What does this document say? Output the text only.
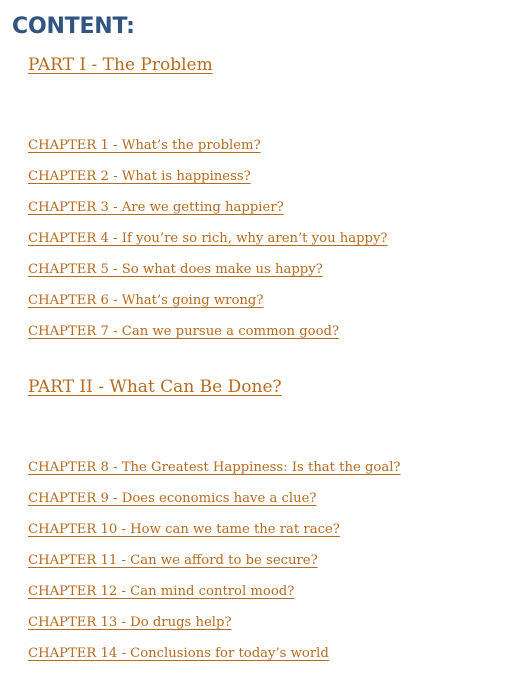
CONTENT:
PART I - The Problem
CHAPTER 1 - What’s the problem?
CHAPTER 2 - What is happiness?
CHAPTER 3 - Are we getting happier?
CHAPTER 4 - If you’re so rich, why aren’t you happy?
CHAPTER 5 - So what does make us happy?
CHAPTER 6 - What’s going wrong?
CHAPTER 7 - Can we pursue a common good?
PART II - What Can Be Done?
CHAPTER 8 - The Greatest Happiness: Is that the goal?
CHAPTER 9 - Does economics have a clue?
CHAPTER 10 - How can we tame the rat race?
CHAPTER 11 - Can we afford to be secure?
CHAPTER 12 - Can mind control mood?
CHAPTER 13 - Do drugs help?
CHAPTER 14 - Conclusions for today’s world
